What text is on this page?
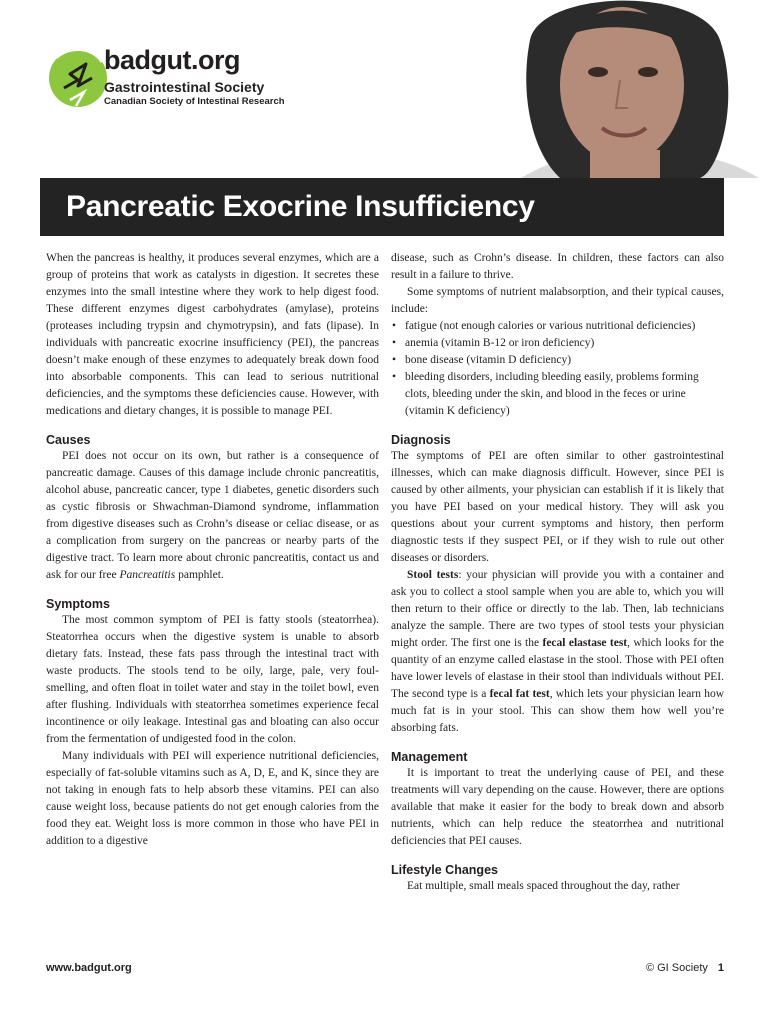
badgut.org
Gastrointestinal Society
Canadian Society of Intestinal Research
Pancreatic Exocrine Insufficiency

When the pancreas is healthy, it produces several enzymes, which are a group of proteins that work as catalysts in digestion. It secretes these enzymes into the small intestine where they work to help digest food. These different enzymes digest carbohydrates (amylase), proteins (proteases including trypsin and chymotrypsin), and fats (lipase). In individuals with pancreatic exocrine insufficiency (PEI), the pancreas doesn’t make enough of these enzymes to adequately break down food into absorbable components. This can lead to serious nutritional deficiencies, and the symptoms these deficiencies cause. However, with medications and dietary changes, it is possible to manage PEI.

Causes

PEI does not occur on its own, but rather is a consequence of pancreatic damage. Causes of this damage include chronic pancreatitis, alcohol abuse, pancreatic cancer, type 1 diabetes, genetic disorders such as cystic fibrosis or Shwachman-Diamond syndrome, inflammation from digestive diseases such as Crohn’s disease or celiac disease, or as a complication from surgery on the pancreas or nearby parts of the digestive tract. To learn more about chronic pancreatitis, contact us and ask for our free Pancreatitis pamphlet.

Symptoms

The most common symptom of PEI is fatty stools (steatorrhea). Steatorrhea occurs when the digestive system is unable to absorb dietary fats. Instead, these fats pass through the intestinal tract with waste products. The stools tend to be oily, large, pale, very foul-smelling, and often float in toilet water and stay in the toilet bowl, even after flushing. Individuals with steatorrhea sometimes experience fecal incontinence or oily leakage. Intestinal gas and bloating can also occur from the fermentation of undigested food in the colon.

Many individuals with PEI will experience nutritional deficiencies, especially of fat-soluble vitamins such as A, D, E, and K, since they are not taking in enough fats to help absorb these vitamins. PEI can also cause weight loss, because patients do not get enough calories from the food they eat. Weight loss is more common in those who have PEI in addition to a digestive

disease, such as Crohn’s disease. In children, these factors can also result in a failure to thrive.

Some symptoms of nutrient malabsorption, and their typical causes, include:

• fatigue (not enough calories or various nutritional deficiencies)
• anemia (vitamin B-12 or iron deficiency)
• bone disease (vitamin D deficiency)
• bleeding disorders, including bleeding easily, problems forming clots, bleeding under the skin, and blood in the feces or urine (vitamin K deficiency)
Diagnosis

The symptoms of PEI are often similar to other gastrointestinal illnesses, which can make diagnosis difficult. However, since PEI is caused by other ailments, your physician can establish if it is likely that you have PEI based on your medical history. They will ask you questions about your current symptoms and history, then perform diagnostic tests if they suspect PEI, or if they wish to rule out other diseases or disorders.

Stool tests: your physician will provide you with a container and ask you to collect a stool sample when you are able to, which you will then return to their office or directly to the lab. Then, lab technicians analyze the sample. There are two types of stool tests your physician might order. The first one is the fecal elastase test, which looks for the quantity of an enzyme called elastase in the stool. Those with PEI often have lower levels of elastase in their stool than individuals without PEI. The second type is a fecal fat test, which lets your physician learn how much fat is in your stool. This can show them how well you’re absorbing fats.

Management

It is important to treat the underlying cause of PEI, and these treatments will vary depending on the cause. However, there are options available that make it easier for the body to break down and absorb nutrients, which can help reduce the steatorrhea and nutritional deficiencies that PEI causes.

Lifestyle Changes

Eat multiple, small meals spaced throughout the day, rather

www.badgut.org	© GI Society 1
